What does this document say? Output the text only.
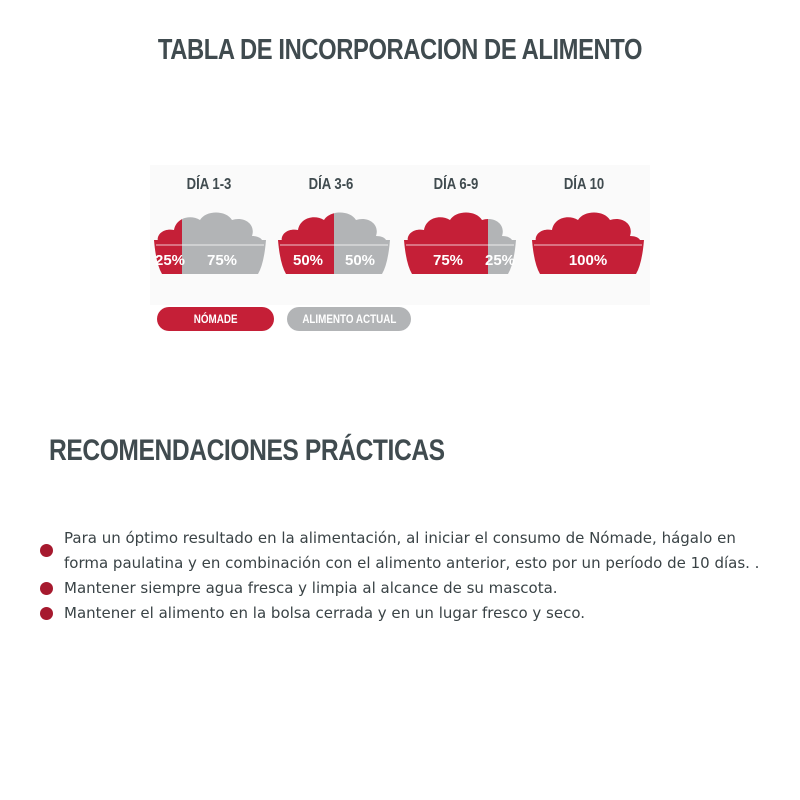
TABLA DE INCORPORACION DE ALIMENTO
DÍA 1-3	DÍA 3-6	DÍA 6-9	DÍA 10
25% 75%	50% 50%	75% 25%	100%
NÓMADE	ALIMENTO ACTUAL
RECOMENDACIONES PRÁCTICAS
Para un óptimo resultado en la alimentación, al iniciar el consumo de Nómade, hágalo en forma paulatina y en combinación con el alimento anterior, esto por un período de 10 días. .
Mantener siempre agua fresca y limpia al alcance de su mascota.
Mantener el alimento en la bolsa cerrada y en un lugar fresco y seco.
